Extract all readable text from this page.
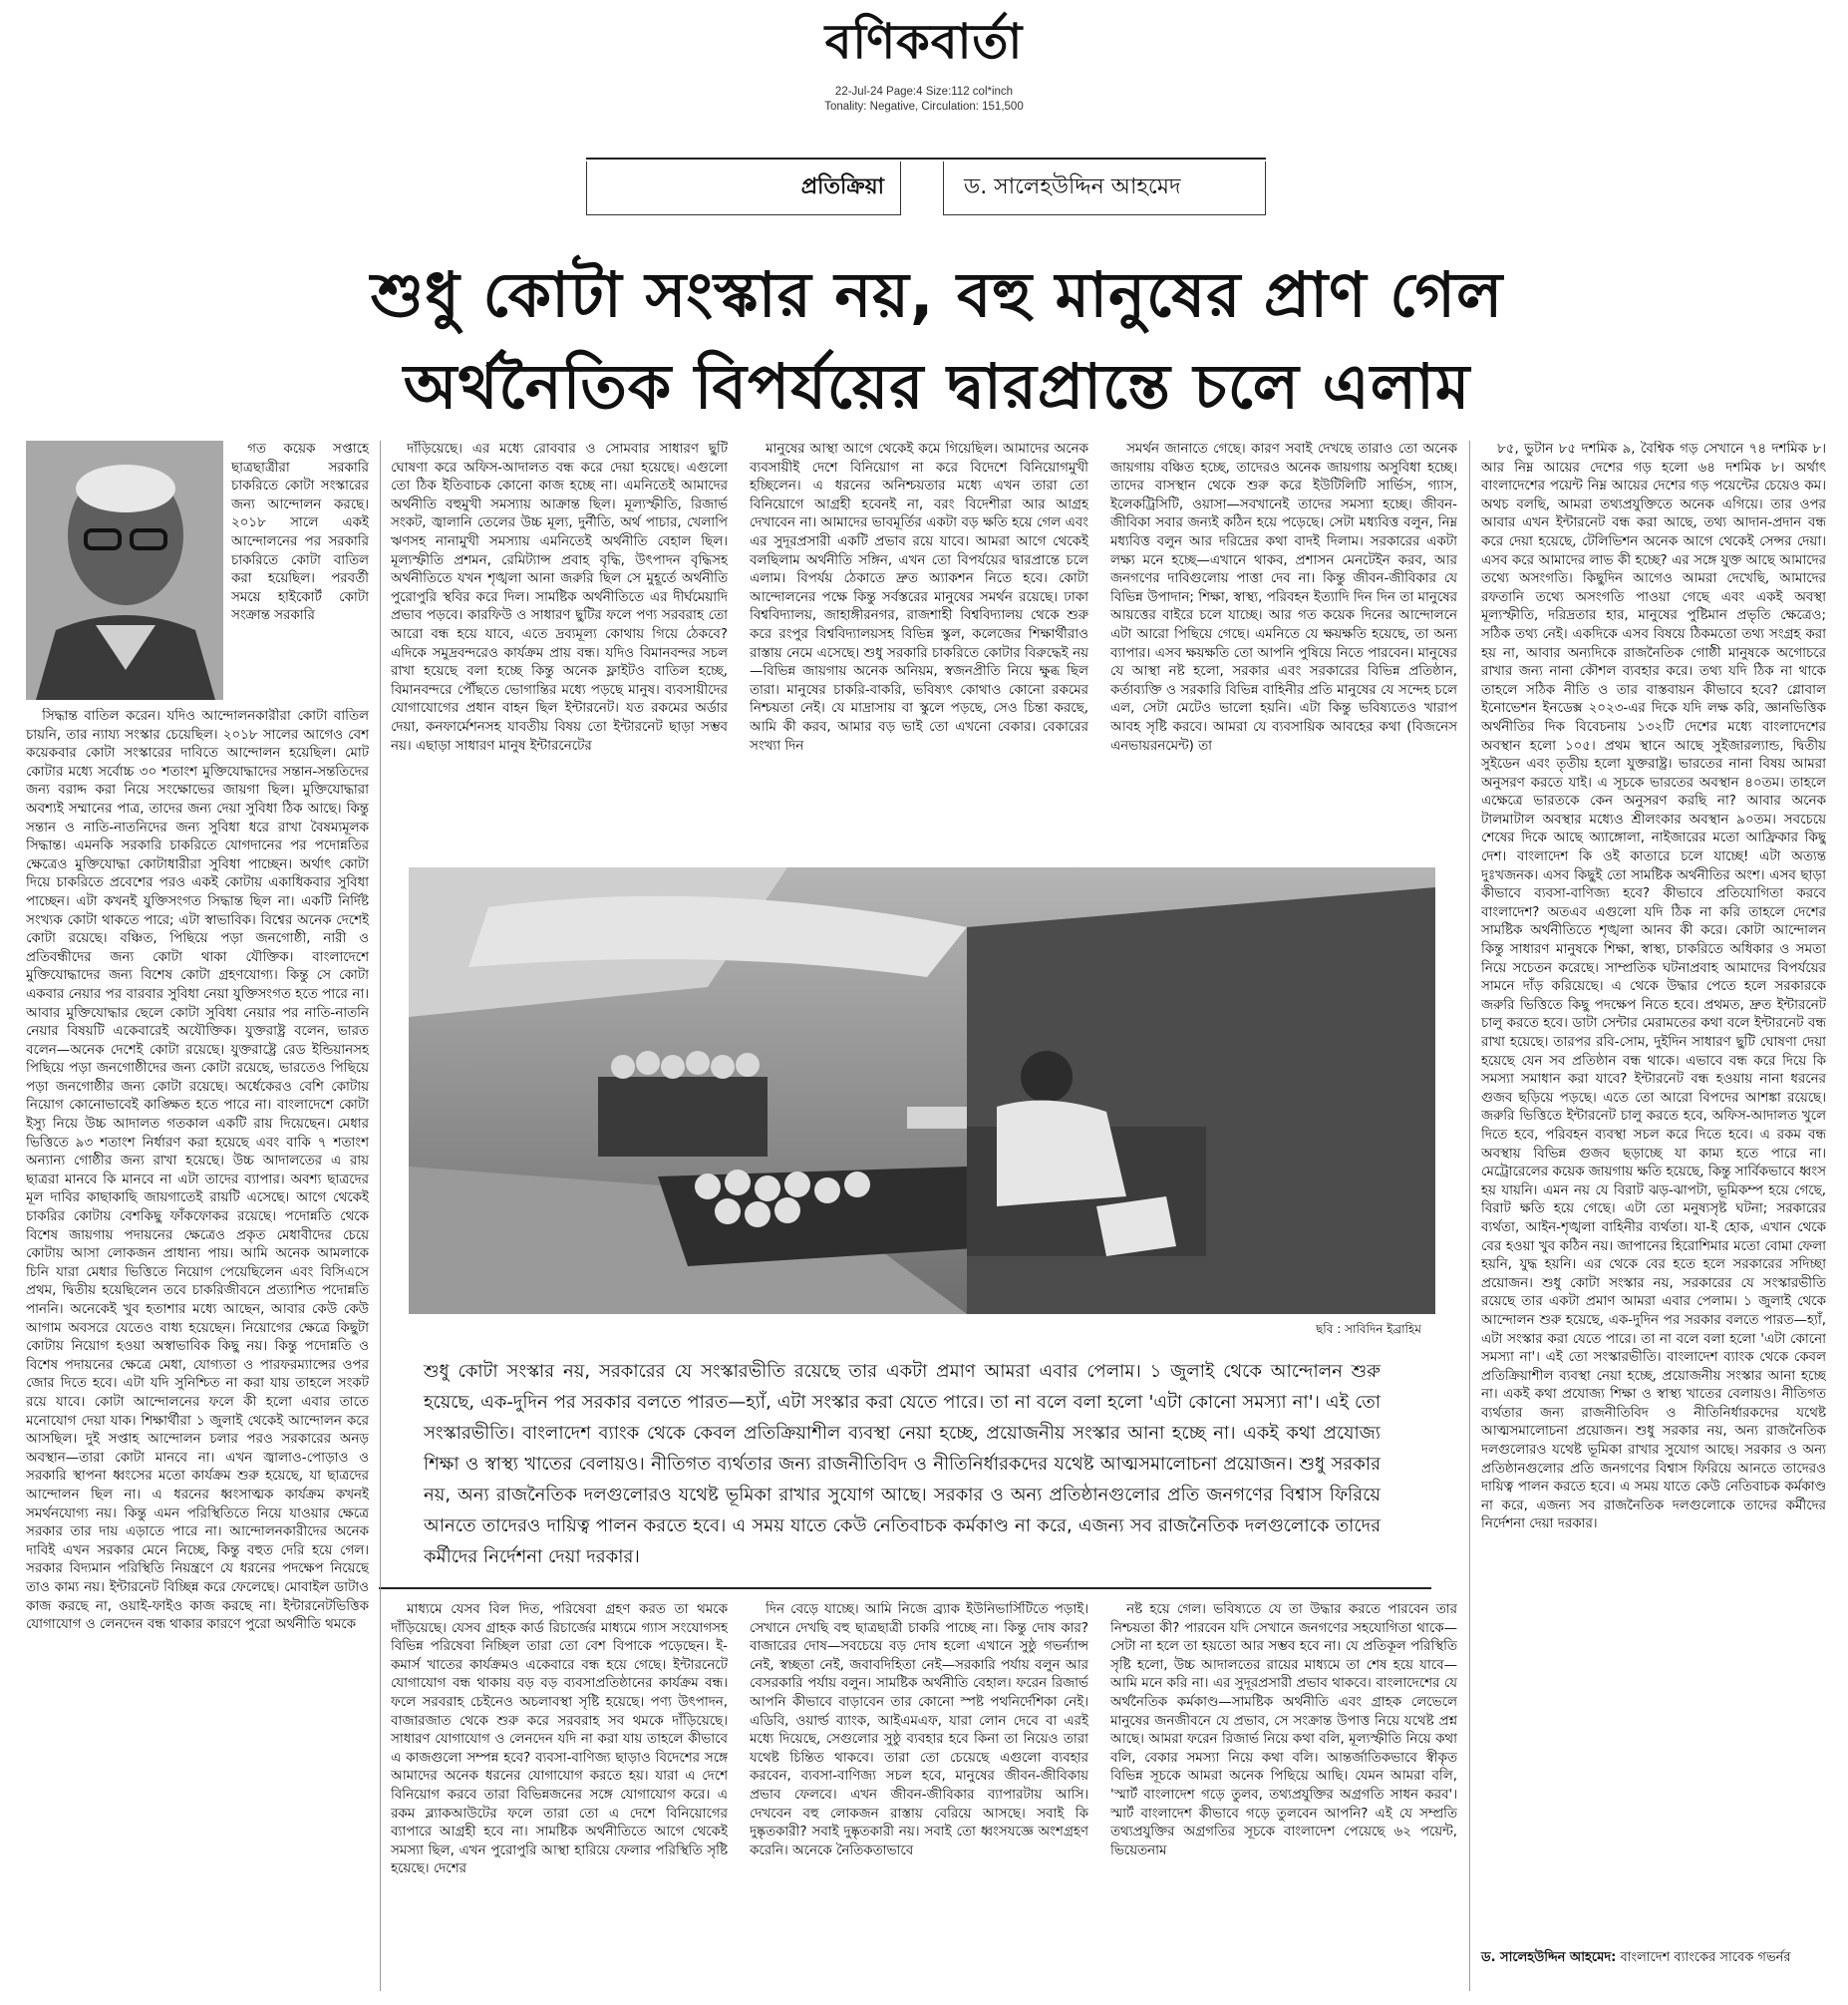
বণিকবার্তা
22-Jul-24 Page:4 Size:112 col*inch
Tonality: Negative, Circulation: 151,500
প্রতিক্রিয়া	ড. সালেহউদ্দিন আহমেদ
শুধু কোটা সংস্কার নয়, বহু মানুষের প্রাণ গেল
অর্থনৈতিক বিপর্যয়ের দ্বারপ্রান্তে চলে এলাম

গত কয়েক সপ্তাহে ছাত্রছাত্রীরা সরকারি চাকরিতে কোটা সংস্কারের জন্য আন্দোলন করছে। ২০১৮ সালে একই আন্দোলনের পর সরকারি চাকরিতে কোটা বাতিল করা হয়েছিল। পরবর্তী সময়ে হাইকোর্ট কোটা সংক্রান্ত সরকারি

সিদ্ধান্ত বাতিল করেন। যদিও আন্দোলনকারীরা কোটা বাতিল চায়নি, তার ন্যায্য সংস্কার চেয়েছিল। ২০১৮ সালের আগেও বেশ কয়েকবার কোটা সংস্কারের দাবিতে আন্দোলন হয়েছিল। মোট কোটার মধ্যে সর্বোচ্চ ৩০ শতাংশ মুক্তিযোদ্ধাদের সন্তান-সন্ততিদের জন্য বরাদ্দ করা নিয়ে সংক্ষোভের জায়গা ছিল। মুক্তিযোদ্ধারা অবশ্যই সম্মানের পাত্র, তাদের জন্য দেয়া সুবিধা ঠিক আছে। কিন্তু সন্তান ও নাতি-নাতনিদের জন্য সুবিধা ধরে রাখা বৈষম্যমূলক সিদ্ধান্ত। এমনকি সরকারি চাকরিতে যোগদানের পর পদোন্নতির ক্ষেত্রেও মুক্তিযোদ্ধা কোটাধারীরা সুবিধা পাচ্ছেন। অর্থাৎ কোটা দিয়ে চাকরিতে প্রবেশের পরও একই কোটায় একাধিকবার সুবিধা পাচ্ছেন। এটা কখনই যুক্তিসংগত সিদ্ধান্ত ছিল না। একটি নির্দিষ্ট সংখ্যক কোটা থাকতে পারে; এটা স্বাভাবিক। বিশ্বের অনেক দেশেই কোটা রয়েছে। বঞ্চিত, পিছিয়ে পড়া জনগোষ্ঠী, নারী ও প্রতিবন্ধীদের জন্য কোটা থাকা যৌক্তিক। বাংলাদেশে মুক্তিযোদ্ধাদের জন্য বিশেষ কোটা গ্রহণযোগ্য। কিন্তু সে কোটা একবার নেয়ার পর বারবার সুবিধা নেয়া যুক্তিসংগত হতে পারে না। আবার মুক্তিযোদ্ধার ছেলে কোটা সুবিধা নেয়ার পর নাতি-নাতনি নেয়ার বিষয়টি একেবারেই অযৌক্তিক। যুক্তরাষ্ট্র বলেন, ভারত বলেন—অনেক দেশেই কোটা রয়েছে। যুক্তরাষ্ট্রে রেড ইন্ডিয়ানসহ পিছিয়ে পড়া জনগোষ্ঠীদের জন্য কোটা রয়েছে, ভারতেও পিছিয়ে পড়া জনগোষ্ঠীর জন্য কোটা রয়েছে। অর্ধেকেরও বেশি কোটায় নিয়োগ কোনোভাবেই কাঙ্ক্ষিত হতে পারে না। বাংলাদেশে কোটা ইস্যু নিয়ে উচ্চ আদালত গতকাল একটি রায় দিয়েছেন। মেধার ভিত্তিতে ৯৩ শতাংশ নির্ধারণ করা হয়েছে এবং বাকি ৭ শতাংশ অন্যান্য গোষ্ঠীর জন্য রাখা হয়েছে। উচ্চ আদালতের এ রায় ছাত্ররা মানবে কি মানবে না এটা তাদের ব্যাপার। অবশ্য ছাত্রদের মূল দাবির কাছাকাছি জায়গাতেই রায়টি এসেছে। আগে থেকেই চাকরির কোটায় বেশকিছু ফাঁকফোকর রয়েছে। পদোন্নতি থেকে বিশেষ জায়গায় পদায়নের ক্ষেত্রেও প্রকৃত মেধাবীদের চেয়ে কোটায় আসা লোকজন প্রাধান্য পায়। আমি অনেক আমলাকে চিনি যারা মেধার ভিত্তিতে নিয়োগ পেয়েছিলেন এবং বিসিএসে প্রথম, দ্বিতীয় হয়েছিলেন তবে চাকরিজীবনে প্রত্যাশিত পদোন্নতি পাননি। অনেকেই খুব হতাশার মধ্যে আছেন, আবার কেউ কেউ আগাম অবসরে যেতেও বাধ্য হয়েছেন। নিয়োগের ক্ষেত্রে কিছুটা কোটায় নিয়োগ হওয়া অস্বাভাবিক কিছু নয়। কিন্তু পদোন্নতি ও বিশেষ পদায়নের ক্ষেত্রে মেধা, যোগ্যতা ও পারফরম্যান্সের ওপর জোর দিতে হবে। এটা যদি সুনিশ্চিত না করা যায় তাহলে সংকট রয়ে যাবে। কোটা আন্দোলনের ফলে কী হলো এবার তাতে মনোযোগ দেয়া যাক। শিক্ষার্থীরা ১ জুলাই থেকেই আন্দোলন করে আসছিল। দুই সপ্তাহ আন্দোলন চলার পরও সরকারের অনড় অবস্থান—তারা কোটা মানবে না। এখন জ্বালাও-পোড়াও ও সরকারি স্থাপনা ধ্বংসের মতো কার্যক্রম শুরু হয়েছে, যা ছাত্রদের আন্দোলন ছিল না। এ ধরনের ধ্বংসাত্মক কার্যক্রম কখনই সমর্থনযোগ্য নয়। কিন্তু এমন পরিস্থিতিতে নিয়ে যাওয়ার ক্ষেত্রে সরকার তার দায় এড়াতে পারে না। আন্দোলনকারীদের অনেক দাবিই এখন সরকার মেনে নিচ্ছে, কিন্তু বহুত দেরি হয়ে গেল। সরকার বিদ্যমান পরিস্থিতি নিয়ন্ত্রণে যে ধরনের পদক্ষেপ নিয়েছে তাও কাম্য নয়। ইন্টারনেট বিচ্ছিন্ন করে ফেলেছে। মোবাইল ডাটাও কাজ করছে না, ওয়াই-ফাইও কাজ করছে না। ইন্টারনেটভিত্তিক যোগাযোগ ও লেনদেন বন্ধ থাকার কারণে পুরো অর্থনীতি থমকে

দাঁড়িয়েছে। এর মধ্যে রোববার ও সোমবার সাধারণ ছুটি ঘোষণা করে অফিস-আদালত বন্ধ করে দেয়া হয়েছে। এগুলো তো ঠিক ইতিবাচক কোনো কাজ হচ্ছে না। এমনিতেই আমাদের অর্থনীতি বহুমুখী সমস্যায় আক্রান্ত ছিল। মূল্যস্ফীতি, রিজার্ভ সংকট, জ্বালানি তেলের উচ্চ মূল্য, দুর্নীতি, অর্থ পাচার, খেলাপি ঋণসহ নানামুখী সমস্যায় এমনিতেই অর্থনীতি বেহাল ছিল। মূল্যস্ফীতি প্রশমন, রেমিট্যান্স প্রবাহ বৃদ্ধি, উৎপাদন বৃদ্ধিসহ অর্থনীতিতে যখন শৃঙ্খলা আনা জরুরি ছিল সে মুহূর্তে অর্থনীতি পুরোপুরি স্থবির করে দিল। সামষ্টিক অর্থনীতিতে এর দীর্ঘমেয়াদি প্রভাব পড়বে। কারফিউ ও সাধারণ ছুটির ফলে পণ্য সরবরাহ তো আরো বন্ধ হয়ে যাবে, এতে দ্রব্যমূল্য কোথায় গিয়ে ঠেকবে? এদিকে সমুদ্রবন্দরেও কার্যক্রম প্রায় বন্ধ। যদিও বিমানবন্দর সচল রাখা হয়েছে বলা হচ্ছে কিন্তু অনেক ফ্লাইটও বাতিল হচ্ছে, বিমানবন্দরে পৌঁছতে ভোগান্তির মধ্যে পড়ছে মানুষ। ব্যবসায়ীদের যোগাযোগের প্রধান বাহন ছিল ইন্টারনেট। যত রকমের অর্ডার দেয়া, কনফার্মেশনসহ যাবতীয় বিষয় তো ইন্টারনেট ছাড়া সম্ভব নয়। এছাড়া সাধারণ মানুষ ইন্টারনেটের

মানুষের আস্থা আগে থেকেই কমে গিয়েছিল। আমাদের অনেক ব্যবসায়ীই দেশে বিনিয়োগ না করে বিদেশে বিনিয়োগমুখী হচ্ছিলেন। এ ধরনের অনিশ্চয়তার মধ্যে এখন তারা তো বিনিয়োগে আগ্রহী হবেনই না, বরং বিদেশীরা আর আগ্রহ দেখাবেন না। আমাদের ভাবমূর্তির একটা বড় ক্ষতি হয়ে গেল এবং এর সুদূরপ্রসারী একটি প্রভাব রয়ে যাবে। আমরা আগে থেকেই বলছিলাম অর্থনীতি সঙ্গিন, এখন তো বিপর্যয়ের দ্বারপ্রান্তে চলে এলাম। বিপর্যয় ঠেকাতে দ্রুত অ্যাকশন নিতে হবে। কোটা আন্দোলনের পক্ষে কিন্তু সর্বস্তরের মানুষের সমর্থন রয়েছে। ঢাকা বিশ্ববিদ্যালয়, জাহাঙ্গীরনগর, রাজশাহী বিশ্ববিদ্যালয় থেকে শুরু করে রংপুর বিশ্ববিদ্যালয়সহ বিভিন্ন স্কুল, কলেজের শিক্ষার্থীরাও রাস্তায় নেমে এসেছে। শুধু সরকারি চাকরিতে কোটার বিরুদ্ধেই নয়—বিভিন্ন জায়গায় অনেক অনিয়ম, স্বজনপ্রীতি নিয়ে ক্ষুব্ধ ছিল তারা। মানুষের চাকরি-বাকরি, ভবিষ্যৎ কোথাও কোনো রকমের নিশ্চয়তা নেই। যে মাদ্রাসায় বা স্কুলে পড়ছে, সেও চিন্তা করছে, আমি কী করব, আমার বড় ভাই তো এখনো বেকার। বেকারের সংখ্যা দিন

সমর্থন জানাতে গেছে। কারণ সবাই দেখছে তারাও তো অনেক জায়গায় বঞ্চিত হচ্ছে, তাদেরও অনেক জায়গায় অসুবিধা হচ্ছে। তাদের বাসস্থান থেকে শুরু করে ইউটিলিটি সার্ভিস, গ্যাস, ইলেকট্রিসিটি, ওয়াসা—সবখানেই তাদের সমস্যা হচ্ছে। জীবন-জীবিকা সবার জন্যই কঠিন হয়ে পড়েছে। সেটা মধ্যবিত্ত বলুন, নিম্ন মধ্যবিত্ত বলুন আর দরিদ্রের কথা বাদই দিলাম। সরকারের একটা লক্ষ্য মনে হচ্ছে—এখানে থাকব, প্রশাসন মেনটেইন করব, আর জনগণের দাবিগুলোয় পাত্তা দেব না। কিন্তু জীবন-জীবিকার যে বিভিন্ন উপাদান; শিক্ষা, স্বাস্থ্য, পরিবহন ইত্যাদি দিন দিন তা মানুষের আয়ত্তের বাইরে চলে যাচ্ছে। আর গত কয়েক দিনের আন্দোলনে এটা আরো পিছিয়ে গেছে। এমনিতে যে ক্ষয়ক্ষতি হয়েছে, তা অন্য ব্যাপার। এসব ক্ষয়ক্ষতি তো আপনি পুষিয়ে নিতে পারবেন। মানুষের যে আস্থা নষ্ট হলো, সরকার এবং সরকারের বিভিন্ন প্রতিষ্ঠান, কর্তাব্যক্তি ও সরকারি বিভিন্ন বাহিনীর প্রতি মানুষের যে সন্দেহ চলে এল, সেটা মেটেও ভালো হয়নি। এটা কিন্তু ভবিষ্যতেও খারাপ আবহ সৃষ্টি করবে। আমরা যে ব্যবসায়িক আবহের কথা (বিজনেস এনভায়রনমেন্ট) তা

৮৫, ভুটান ৮৫ দশমিক ৯, বৈশ্বিক গড় সেখানে ৭৪ দশমিক ৮। আর নিম্ন আয়ের দেশের গড় হলো ৬৪ দশমিক ৮। অর্থাৎ বাংলাদেশের পয়েন্ট নিম্ন আয়ের দেশের গড় পয়েন্টের চেয়েও কম। অথচ বলছি, আমরা তথ্যপ্রযুক্তিতে অনেক এগিয়ে। তার ওপর আবার এখন ইন্টারনেট বন্ধ করা আছে, তথ্য আদান-প্রদান বন্ধ করে দেয়া হয়েছে, টেলিভিশন অনেক আগে থেকেই সেন্সর দেয়া। এসব করে আমাদের লাভ কী হচ্ছে? এর সঙ্গে যুক্ত আছে আমাদের তথ্যে অসংগতি। কিছুদিন আগেও আমরা দেখেছি, আমাদের রফতানি তথ্যে অসংগতি পাওয়া গেছে এবং একই অবস্থা মূল্যস্ফীতি, দরিদ্রতার হার, মানুষের পুষ্টিমান প্রভৃতি ক্ষেত্রেও; সঠিক তথ্য নেই। একদিকে এসব বিষয়ে ঠিকমতো তথ্য সংগ্রহ করা হয় না, আবার অন্যদিকে রাজনৈতিক গোষ্ঠী মানুষকে অগোচরে রাখার জন্য নানা কৌশল ব্যবহার করে। তথ্য যদি ঠিক না থাকে তাহলে সঠিক নীতি ও তার বাস্তবায়ন কীভাবে হবে? গ্লোবাল ইনোভেশন ইনডেক্স ২০২৩-এর দিকে যদি লক্ষ করি, জ্ঞানভিত্তিক অর্থনীতির দিক বিবেচনায় ১৩২টি দেশের মধ্যে বাংলাদেশের অবস্থান হলো ১০৫। প্রথম স্থানে আছে সুইজারল্যান্ড, দ্বিতীয় সুইডেন এবং তৃতীয় হলো যুক্তরাষ্ট্র। ভারতের নানা বিষয় আমরা অনুসরণ করতে যাই। এ সূচকে ভারতের অবস্থান ৪০তম। তাহলে এক্ষেত্রে ভারতকে কেন অনুসরণ করছি না? আবার অনেক টালমাটাল অবস্থার মধ্যেও শ্রীলংকার অবস্থান ৯০তম। সবচেয়ে শেষের দিকে আছে অ্যাঙ্গোলা, নাইজারের মতো আফ্রিকার কিছু দেশ। বাংলাদেশ কি ওই কাতারে চলে যাচ্ছে! এটা অত্যন্ত দুঃখজনক। এসব কিছুই তো সামষ্টিক অর্থনীতির অংশ। এসব ছাড়া কীভাবে ব্যবসা-বাণিজ্য হবে? কীভাবে প্রতিযোগিতা করবে বাংলাদেশ? অতএব এগুলো যদি ঠিক না করি তাহলে দেশের সামষ্টিক অর্থনীতিতে শৃঙ্খলা আনব কী করে। কোটা আন্দোলন কিন্তু সাধারণ মানুষকে শিক্ষা, স্বাস্থ্য, চাকরিতে অধিকার ও সমতা নিয়ে সচেতন করেছে। সাম্প্রতিক ঘটনাপ্রবাহ আমাদের বিপর্যয়ের সামনে দাঁড় করিয়েছে। এ থেকে উদ্ধার পেতে হলে সরকারকে জরুরি ভিত্তিতে কিছু পদক্ষেপ নিতে হবে। প্রথমত, দ্রুত ইন্টারনেট চালু করতে হবে। ডাটা সেন্টার মেরামতের কথা বলে ইন্টারনেট বন্ধ রাখা হয়েছে। তারপর রবি-সোম, দুইদিন সাধারণ ছুটি ঘোষণা দেয়া হয়েছে যেন সব প্রতিষ্ঠান বন্ধ থাকে। এভাবে বন্ধ করে দিয়ে কি সমস্যা সমাধান করা যাবে? ইন্টারনেট বন্ধ হওয়ায় নানা ধরনের গুজব ছড়িয়ে পড়ছে। এতে তো আরো বিপদের আশঙ্কা রয়েছে। জরুরি ভিত্তিতে ইন্টারনেট চালু করতে হবে, অফিস-আদালত খুলে দিতে হবে, পরিবহন ব্যবস্থা সচল করে দিতে হবে। এ রকম বন্ধ অবস্থায় বিভিন্ন গুজব ছড়াচ্ছে যা কাম্য হতে পারে না। মেট্রোরেলের কয়েক জায়গায় ক্ষতি হয়েছে, কিন্তু সার্বিকভাবে ধ্বংস হয় যায়নি। এমন নয় যে বিরাট ঝড়-ঝাপটা, ভূমিকম্প হয়ে গেছে, বিরাট ক্ষতি হয়ে গেছে। এটা তো মনুষ্যসৃষ্ট ঘটনা; সরকারের ব্যর্থতা, আইন-শৃঙ্খলা বাহিনীর ব্যর্থতা। যা-ই হোক, এখান থেকে বের হওয়া খুব কঠিন নয়। জাপানের হিরোশিমার মতো বোমা ফেলা হয়নি, যুদ্ধ হয়নি। এর থেকে বের হতে হলে সরকারের সদিচ্ছা প্রয়োজন। শুধু কোটা সংস্কার নয়, সরকারের যে সংস্কারভীতি রয়েছে তার একটা প্রমাণ আমরা এবার পেলাম। ১ জুলাই থেকে আন্দোলন শুরু হয়েছে, এক-দুদিন পর সরকার বলতে পারত—হ্যাঁ, এটা সংস্কার করা যেতে পারে। তা না বলে বলা হলো 'এটা কোনো সমস্যা না'। এই তো সংস্কারভীতি। বাংলাদেশ ব্যাংক থেকে কেবল প্রতিক্রিয়াশীল ব্যবস্থা নেয়া হচ্ছে, প্রয়োজনীয় সংস্কার আনা হচ্ছে না। একই কথা প্রযোজ্য শিক্ষা ও স্বাস্থ্য খাতের বেলায়ও। নীতিগত ব্যর্থতার জন্য রাজনীতিবিদ ও নীতিনির্ধারকদের যথেষ্ট আত্মসমালোচনা প্রয়োজন। শুধু সরকার নয়, অন্য রাজনৈতিক দলগুলোরও যথেষ্ট ভূমিকা রাখার সুযোগ আছে। সরকার ও অন্য প্রতিষ্ঠানগুলোর প্রতি জনগণের বিশ্বাস ফিরিয়ে আনতে তাদেরও দায়িত্ব পালন করতে হবে। এ সময় যাতে কেউ নেতিবাচক কর্মকাণ্ড না করে, এজন্য সব রাজনৈতিক দলগুলোকে তাদের কর্মীদের নির্দেশনা দেয়া দরকার।

ছবি : সাবিদিন ইব্রাহিম
শুধু কোটা সংস্কার নয়, সরকারের যে সংস্কারভীতি রয়েছে তার একটা প্রমাণ আমরা এবার পেলাম। ১ জুলাই থেকে আন্দোলন শুরু হয়েছে, এক-দুদিন পর সরকার বলতে পারত—হ্যাঁ, এটা সংস্কার করা যেতে পারে। তা না বলে বলা হলো 'এটা কোনো সমস্যা না'। এই তো সংস্কারভীতি। বাংলাদেশ ব্যাংক থেকে কেবল প্রতিক্রিয়াশীল ব্যবস্থা নেয়া হচ্ছে, প্রয়োজনীয় সংস্কার আনা হচ্ছে না। একই কথা প্রযোজ্য শিক্ষা ও স্বাস্থ্য খাতের বেলায়ও। নীতিগত ব্যর্থতার জন্য রাজনীতিবিদ ও নীতিনির্ধারকদের যথেষ্ট আত্মসমালোচনা প্রয়োজন। শুধু সরকার নয়, অন্য রাজনৈতিক দলগুলোরও যথেষ্ট ভূমিকা রাখার সুযোগ আছে। সরকার ও অন্য প্রতিষ্ঠানগুলোর প্রতি জনগণের বিশ্বাস ফিরিয়ে আনতে তাদেরও দায়িত্ব পালন করতে হবে। এ সময় যাতে কেউ নেতিবাচক কর্মকাণ্ড না করে, এজন্য সব রাজনৈতিক দলগুলোকে তাদের কর্মীদের নির্দেশনা দেয়া দরকার।

মাধ্যমে যেসব বিল দিত, পরিষেবা গ্রহণ করত তা থমকে দাঁড়িয়েছে। যেসব গ্রাহক কার্ড রিচার্জের মাধ্যমে গ্যাস সংযোগসহ বিভিন্ন পরিষেবা নিচ্ছিল তারা তো বেশ বিপাকে পড়েছেন। ই-কমার্স খাতের কার্যক্রমও একেবারে বন্ধ হয়ে গেছে। ইন্টারনেটে যোগাযোগ বন্ধ থাকায় বড় বড় ব্যবসাপ্রতিষ্ঠানের কার্যক্রম বন্ধ। ফলে সরবরাহ চেইনেও অচলাবস্থা সৃষ্টি হয়েছে। পণ্য উৎপাদন, বাজারজাত থেকে শুরু করে সরবরাহ সব থমকে দাঁড়িয়েছে। সাধারণ যোগাযোগ ও লেনদেন যদি না করা যায় তাহলে কীভাবে এ কাজগুলো সম্পন্ন হবে? ব্যবসা-বাণিজ্য ছাড়াও বিদেশের সঙ্গে আমাদের অনেক ধরনের যোগাযোগ করতে হয়। যারা এ দেশে বিনিয়োগ করবে তারা বিভিন্নজনের সঙ্গে যোগাযোগ করে। এ রকম ব্ল্যাকআউটের ফলে তারা তো এ দেশে বিনিয়োগের ব্যাপারে আগ্রহী হবে না। সামষ্টিক অর্থনীতিতে আগে থেকেই সমস্যা ছিল, এখন পুরোপুরি আস্থা হারিয়ে ফেলার পরিস্থিতি সৃষ্টি হয়েছে। দেশের

দিন বেড়ে যাচ্ছে। আমি নিজে ব্র্যাক ইউনিভার্সিটিতে পড়াই। সেখানে দেখছি বহু ছাত্রছাত্রী চাকরি পাচ্ছে না। কিন্তু দোষ কার? বাজারের দোষ—সবচেয়ে বড় দোষ হলো এখানে সুষ্ঠু গভর্ন্যান্স নেই, স্বচ্ছতা নেই, জবাবদিহিতা নেই—সরকারি পর্যায় বলুন আর বেসরকারি পর্যায় বলুন। সামষ্টিক অর্থনীতি বেহাল। ফরেন রিজার্ভ আপনি কীভাবে বাড়াবেন তার কোনো স্পষ্ট পথনির্দেশিকা নেই। এডিবি, ওয়ার্ল্ড ব্যাংক, আইএমএফ, যারা লোন দেবে বা এরই মধ্যে দিয়েছে, সেগুলোর সুষ্ঠু ব্যবহার হবে কিনা তা নিয়েও তারা যথেষ্ট চিন্তিত থাকবে। তারা তো চেয়েছে এগুলো ব্যবহার করবেন, ব্যবসা-বাণিজ্য সচল হবে, মানুষের জীবন-জীবিকায় প্রভাব ফেলবে। এখন জীবন-জীবিকার ব্যাপারটায় আসি। দেখবেন বহু লোকজন রাস্তায় বেরিয়ে আসছে। সবাই কি দুষ্কৃতকারী? সবাই দুষ্কৃতকারী নয়। সবাই তো ধ্বংসযজ্ঞে অংশগ্রহণ করেনি। অনেকে নৈতিকতাভাবে

নষ্ট হয়ে গেল। ভবিষ্যতে যে তা উদ্ধার করতে পারবেন তার নিশ্চয়তা কী? পারবেন যদি সেখানে জনগণের সহযোগিতা থাকে—সেটা না হলে তা হয়তো আর সম্ভব হবে না। যে প্রতিকূল পরিস্থিতি সৃষ্টি হলো, উচ্চ আদালতের রায়ের মাধ্যমে তা শেষ হয়ে যাবে—আমি মনে করি না। এর সুদূরপ্রসারী প্রভাব থাকবে। বাংলাদেশের যে অর্থনৈতিক কর্মকাণ্ড—সামষ্টিক অর্থনীতি এবং গ্রাহক লেভেলে মানুষের জনজীবনে যে প্রভাব, সে সংক্রান্ত উপাত্ত নিয়ে যথেষ্ট প্রশ্ন আছে। আমরা ফরেন রিজার্ভ নিয়ে কথা বলি, মূল্যস্ফীতি নিয়ে কথা বলি, বেকার সমস্যা নিয়ে কথা বলি। আন্তর্জাতিকভাবে স্বীকৃত বিভিন্ন সূচকে আমরা অনেক পিছিয়ে আছি। যেমন আমরা বলি, 'স্মার্ট বাংলাদেশ গড়ে তুলব, তথ্যপ্রযুক্তির অগ্রগতি সাধন করব'। স্মার্ট বাংলাদেশ কীভাবে গড়ে তুলবেন আপনি? এই যে সম্প্রতি তথ্যপ্রযুক্তির অগ্রগতির সূচকে বাংলাদেশ পেয়েছে ৬২ পয়েন্ট, ভিয়েতনাম

ড. সালেহউদ্দিন আহমেদ: বাংলাদেশ ব্যাংকের সাবেক গভর্নর
